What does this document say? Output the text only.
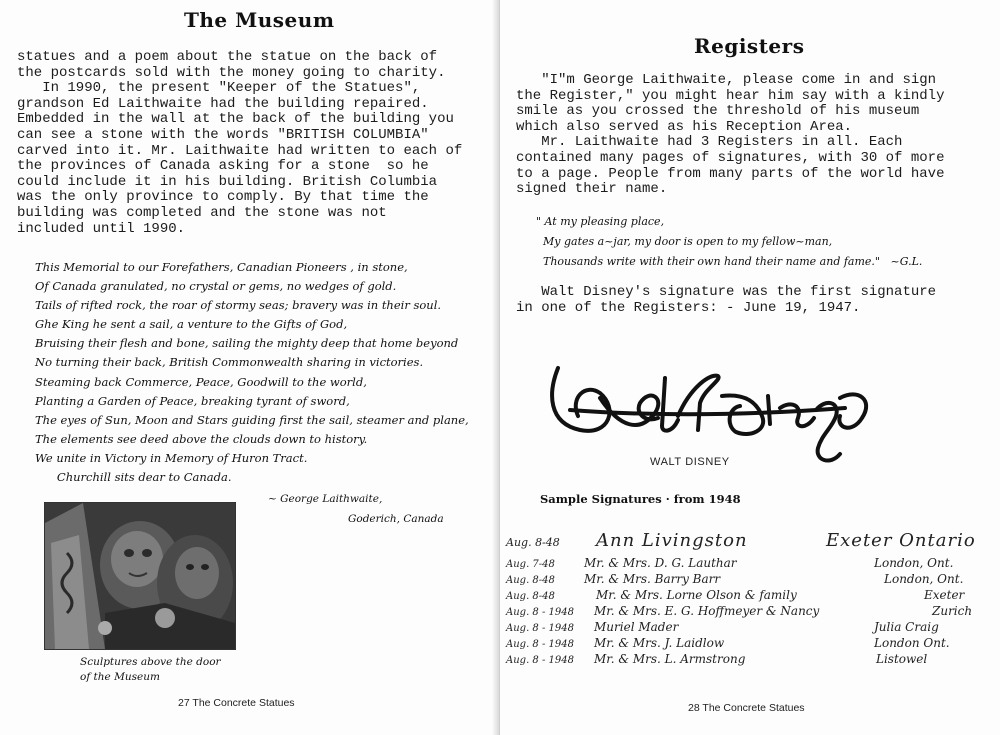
The Museum
statues and a poem about the statue on the back of
the postcards sold with the money going to charity.
In 1990, the present "Keeper of the Statues",
grandson Ed Laithwaite had the building repaired.
Embedded in the wall at the back of the building you
can see a stone with the words "BRITISH COLUMBIA"
carved into it. Mr. Laithwaite had written to each of
the provinces of Canada asking for a stone  so he
could include it in his building. British Columbia
was the only province to comply. By that time the
building was completed and the stone was not
included until 1990.
This Memorial to our Forefathers, Canadian Pioneers , in stone,
Of Canada granulated, no crystal or gems, no wedges of gold.
Tails of rifted rock, the roar of stormy seas; bravery was in their soul.
Ghe King he sent a sail, a venture to the Gifts of God,
Bruising their flesh and bone, sailing the mighty deep that home beyond
No turning their back, British Commonwealth sharing in victories.
Steaming back Commerce, Peace, Goodwill to the world,
Planting a Garden of Peace, breaking tyrant of sword,
The eyes of Sun, Moon and Stars guiding first the sail, steamer and plane,
The elements see deed above the clouds down to history.
We unite in Victory in Memory of Huron Tract.
Churchill sits dear to Canada.
~ George Laithwaite,
Goderich, Canada
Sculptures above the door
of the Museum
27 The Concrete Statues
Registers
"I"m George Laithwaite, please come in and sign
the Register," you might hear him say with a kindly
smile as you crossed the threshold of his museum
which also served as his Reception Area.
Mr. Laithwaite had 3 Registers in all. Each
contained many pages of signatures, with 30 of more
to a page. People from many parts of the world have
signed their name.
" At my pleasing place,
My gates a~jar, my door is open to my fellow~man,
Thousands write with their own hand their name and fame."   ~G.L.
Walt Disney's signature was the first signature
in one of the Registers: - June 19, 1947.
WALT DISNEY
Sample Signatures · from 1948
Aug. 8-48 Ann Livingston	Exeter Ontario
Aug. 7-48 Mr. & Mrs. D. G. Lauthar	London, Ont.
Aug. 8-48 Mr. & Mrs. Barry Barr	London, Ont.
Aug. 8-48	Mr. & Mrs. Lorne Olson & family	Exeter
Aug. 8 - 1948 Mr. & Mrs. E. G. Hoffmeyer & Nancy	Zurich
Aug. 8 - 1948 Muriel Mader	Julia Craig
Aug. 8 - 1948 Mr. & Mrs. J. Laidlow	London Ont.
Aug. 8 - 1948 Mr. & Mrs. L. Armstrong	Listowel
28 The Concrete Statues
